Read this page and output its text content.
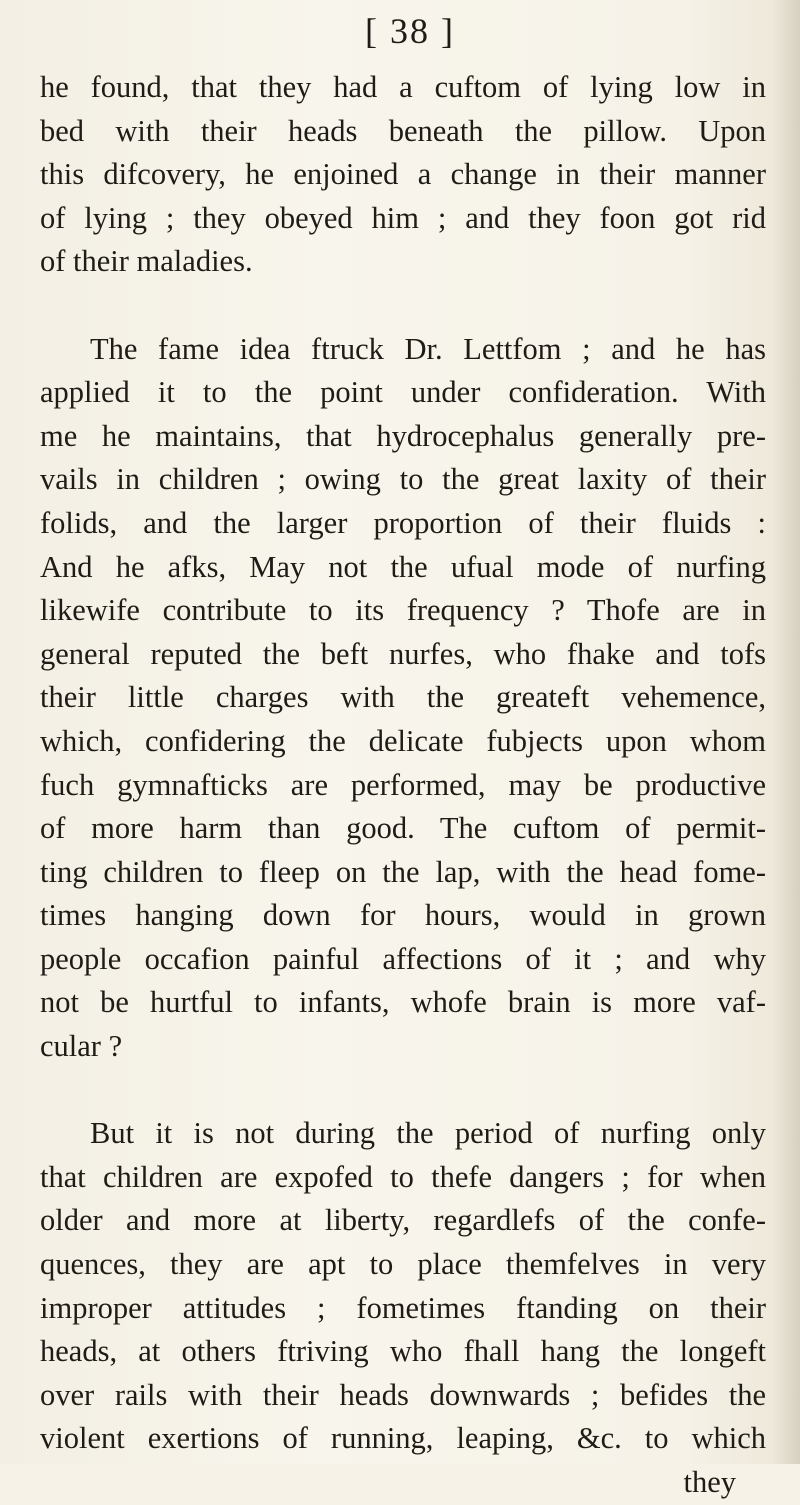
[ 38 ]

he found, that they had a cuftom of lying low in
bed with their heads beneath the pillow. Upon
this difcovery, he enjoined a change in their manner
of lying ; they obeyed him ; and they foon got rid
of their maladies.

The fame idea ftruck Dr. Lettfom ; and he has
applied it to the point under confideration. With
me he maintains, that hydrocephalus generally pre-
vails in children ; owing to the great laxity of their
folids, and the larger proportion of their fluids :
And he afks, May not the ufual mode of nurfing
likewife contribute to its frequency ? Thofe are in
general reputed the beft nurfes, who fhake and tofs
their little charges with the greateft vehemence,
which, confidering the delicate fubjects upon whom
fuch gymnafticks are performed, may be productive
of more harm than good. The cuftom of permit-
ting children to fleep on the lap, with the head fome-
times hanging down for hours, would in grown
people occafion painful affections of it ; and why
not be hurtful to infants, whofe brain is more vaf-
cular ?

But it is not during the period of nurfing only
that children are expofed to thefe dangers ; for when
older and more at liberty, regardlefs of the confe-
quences, they are apt to place themfelves in very
improper attitudes ; fometimes ftanding on their
heads, at others ftriving who fhall hang the longeft
over rails with their heads downwards ; befides the
violent exertions of running, leaping, &c. to which

they
